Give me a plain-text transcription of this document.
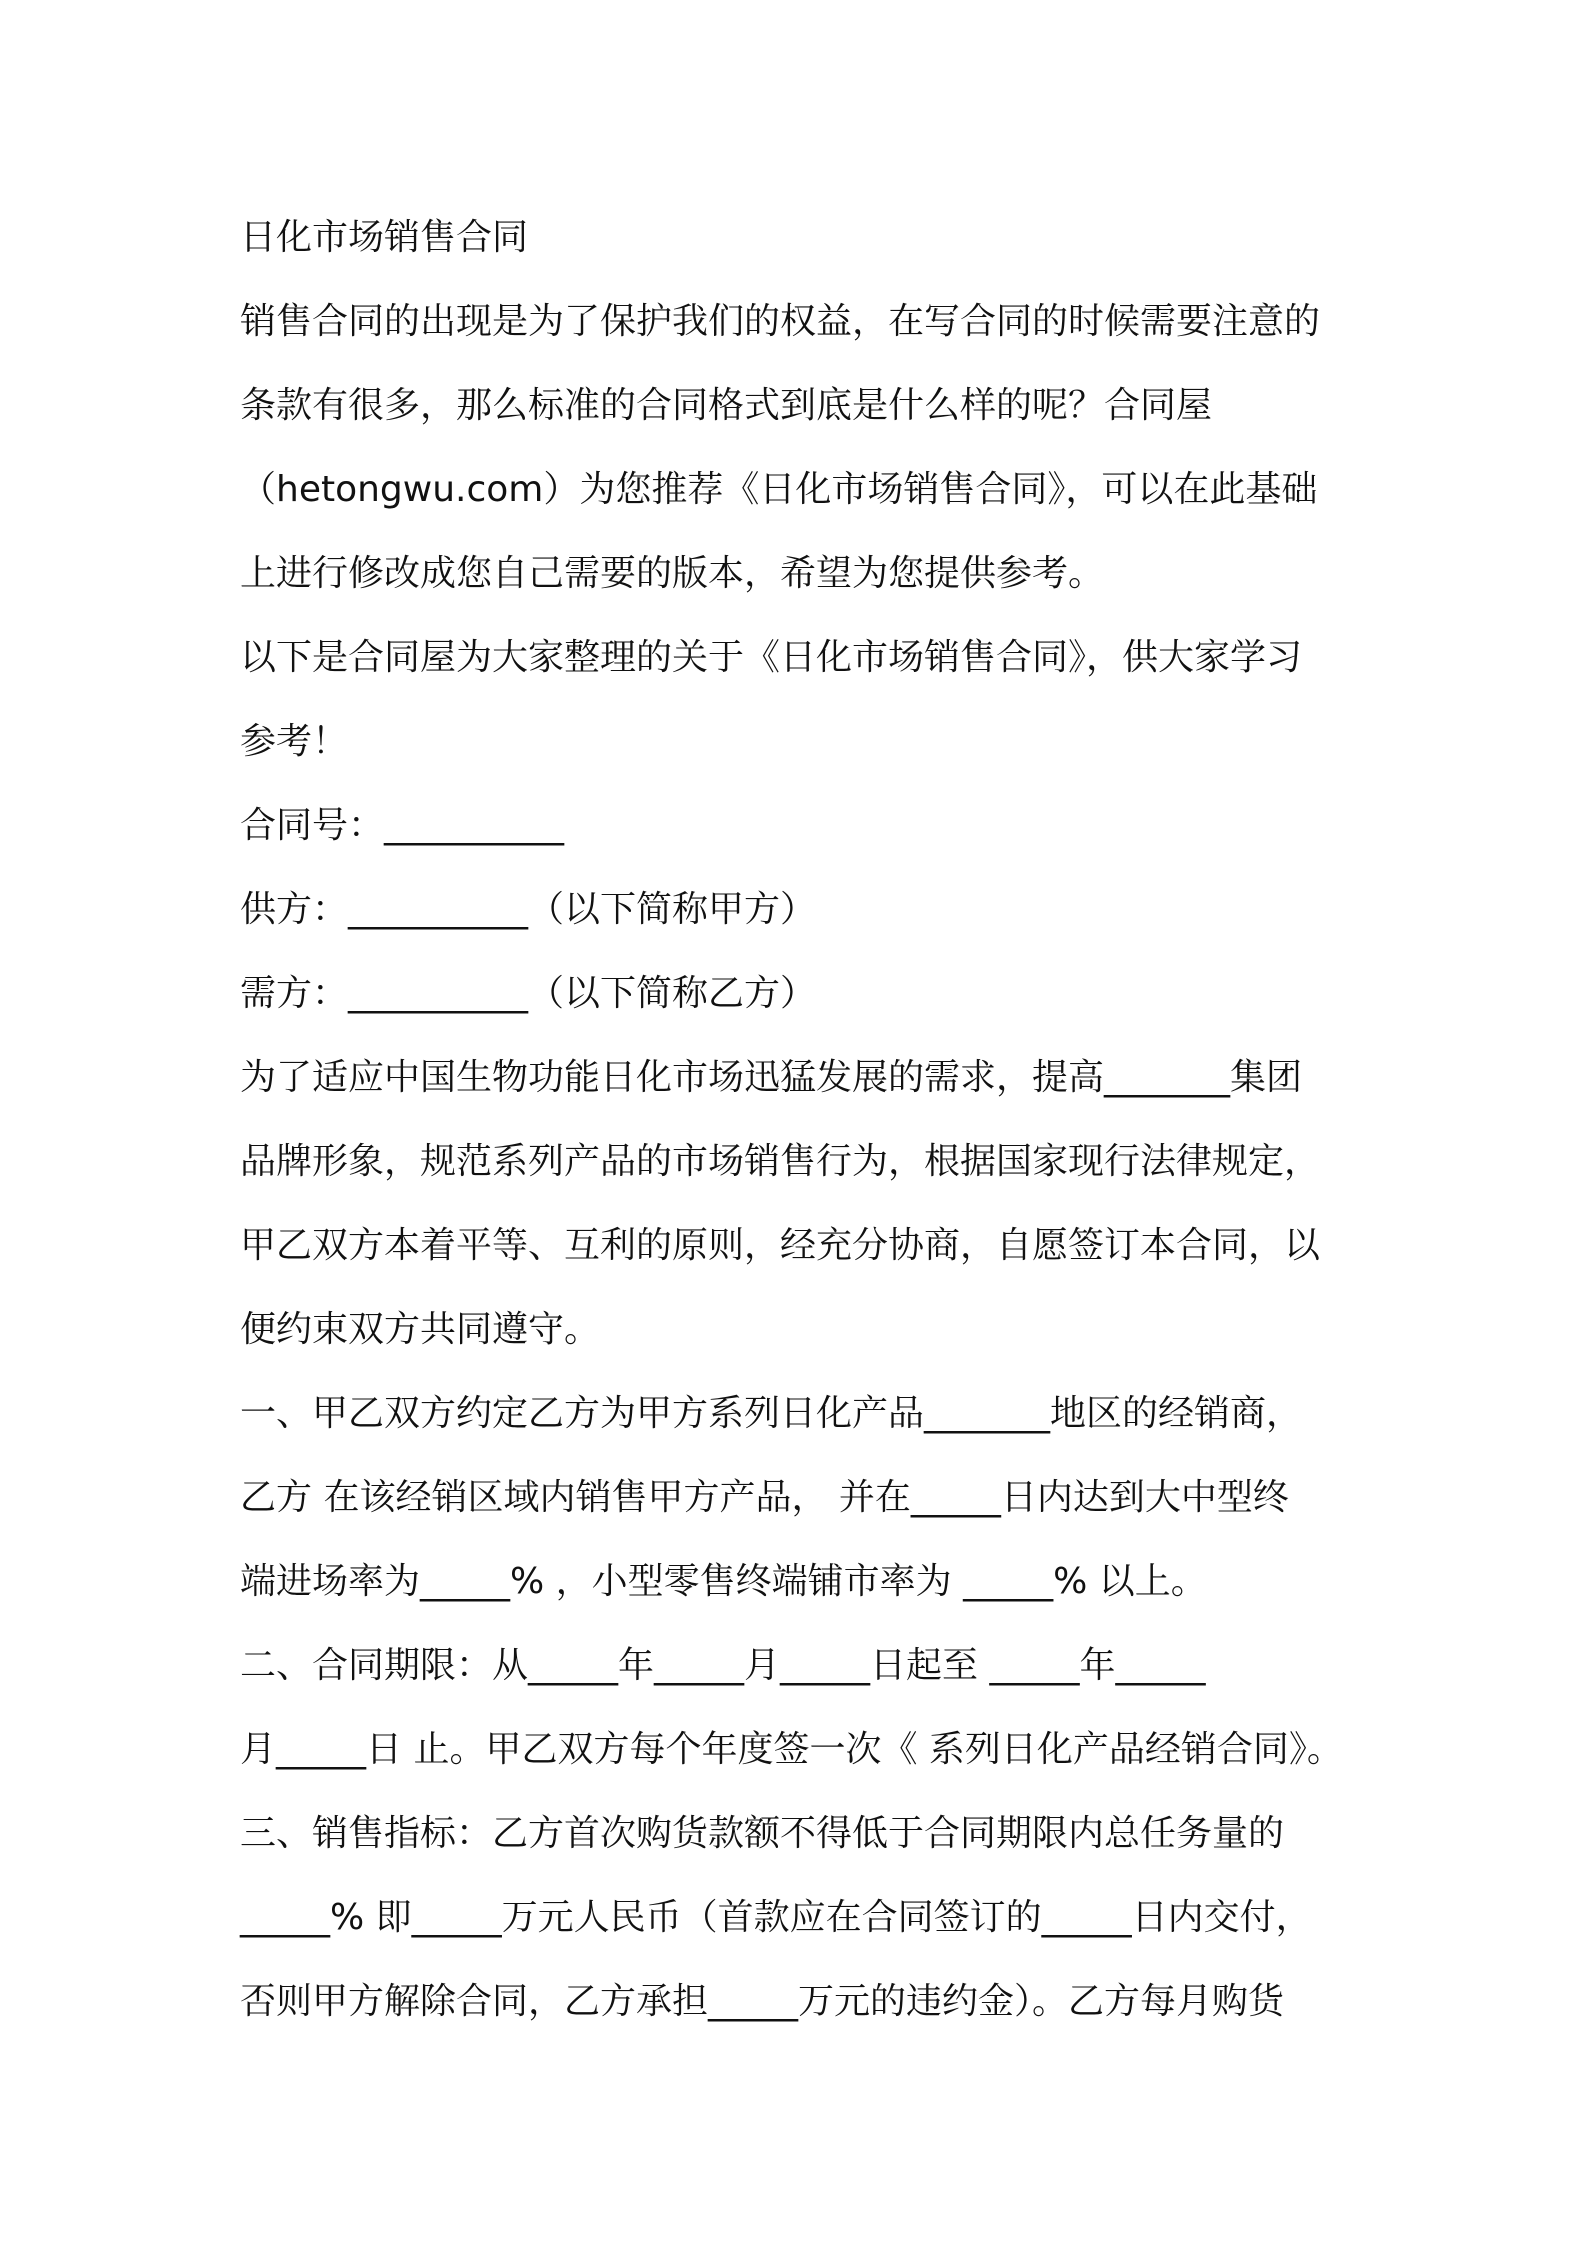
日化市场销售合同
销售合同的出现是为了保护我们的权益，在写合同的时候需要注意的
条款有很多，那么标准的合同格式到底是什么样的呢？合同屋
（hetongwu.com）为您推荐《日化市场销售合同》，可以在此基础
上进行修改成您自己需要的版本，希望为您提供参考。
以下是合同屋为大家整理的关于《日化市场销售合同》，供大家学习
参考！
合同号：__________
供方：__________（以下简称甲方）
需方：__________（以下简称乙方）
为了适应中国生物功能日化市场迅猛发展的需求，提高_______集团
品牌形象，规范系列产品的市场销售行为，根据国家现行法律规定，
甲乙双方本着平等、互利的原则，经充分协商，自愿签订本合同，以
便约束双方共同遵守。
一、甲乙双方约定乙方为甲方系列日化产品_______地区的经销商，
乙方 在该经销区域内销售甲方产品， 并在_____日内达到大中型终
端进场率为_____% ，小型零售终端铺市率为 _____% 以上。
二、合同期限：从_____年_____月_____日起至 _____年_____
月_____日 止。甲乙双方每个年度签一次《 系列日化产品经销合同》。
三、销售指标：乙方首次购货款额不得低于合同期限内总任务量的
_____% 即_____万元人民币（首款应在合同签订的_____日内交付，
否则甲方解除合同，乙方承担_____万元的违约金）。乙方每月购货
